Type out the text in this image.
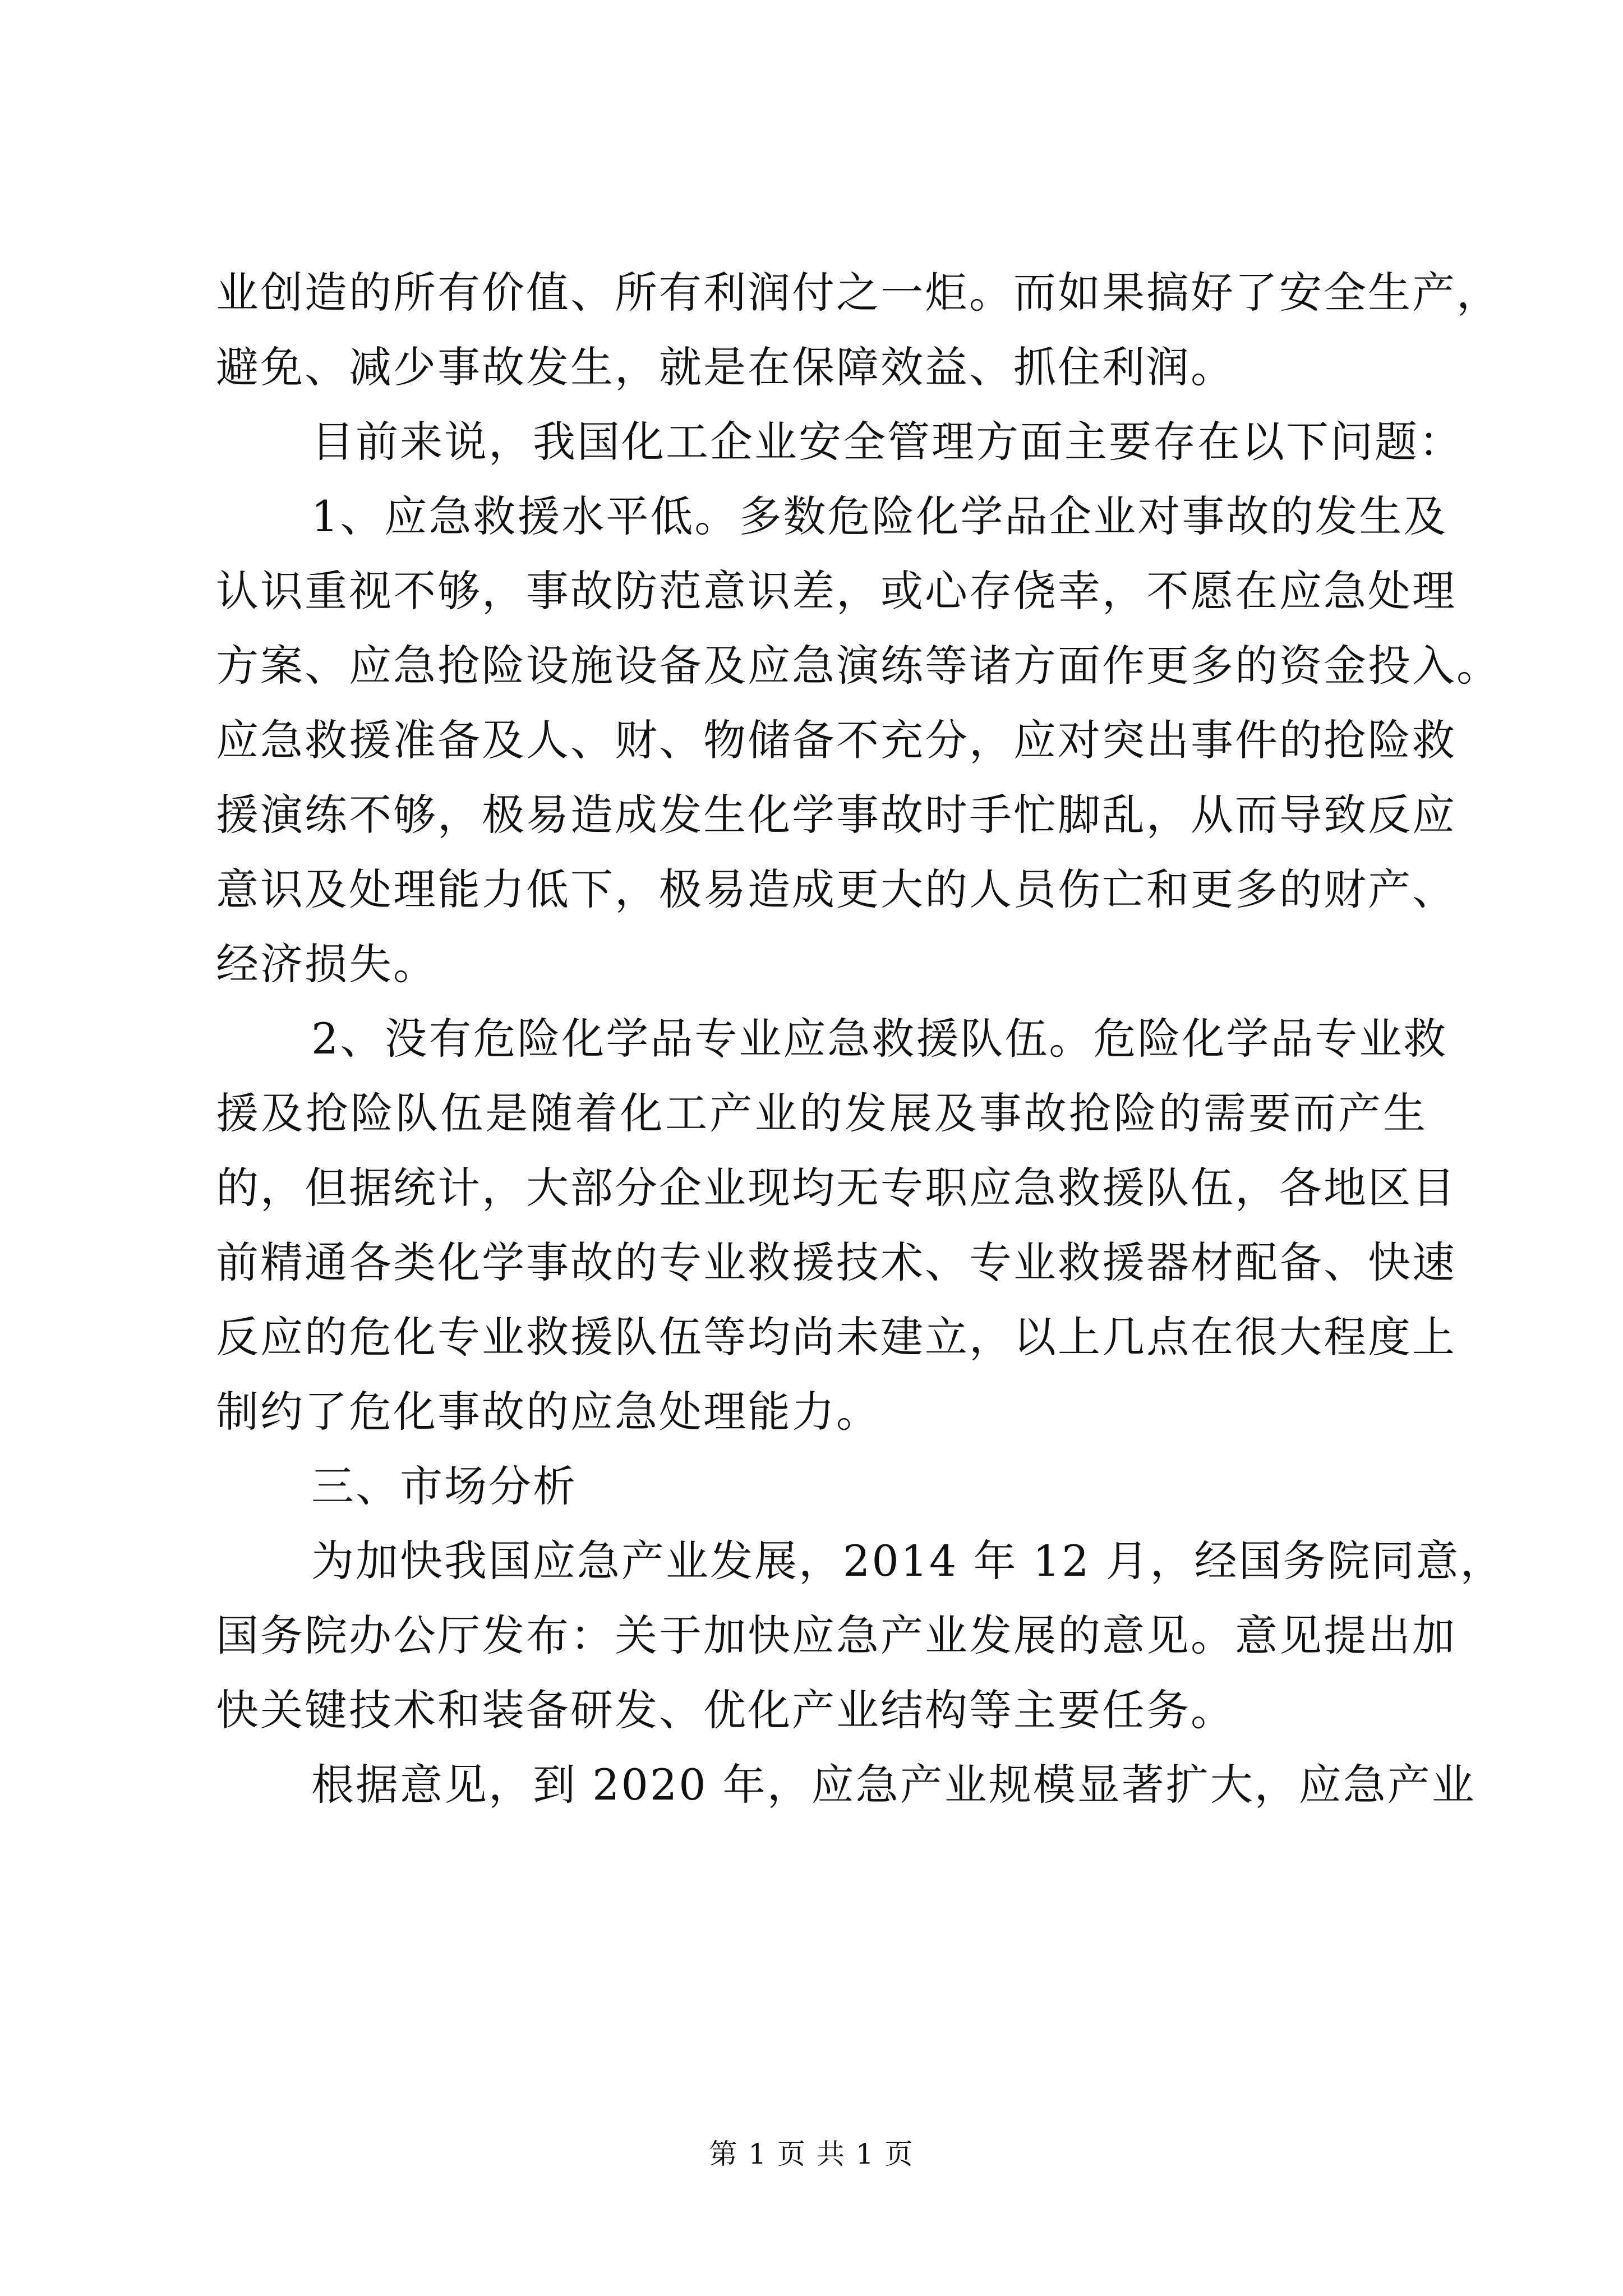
业创造的所有价值、所有利润付之一炬。而如果搞好了安全生产，
避免、减少事故发生，就是在保障效益、抓住利润。
目前来说，我国化工企业安全管理方面主要存在以下问题：
1、应急救援水平低。多数危险化学品企业对事故的发生及
认识重视不够，事故防范意识差，或心存侥幸，不愿在应急处理
方案、应急抢险设施设备及应急演练等诸方面作更多的资金投入。
应急救援准备及人、财、物储备不充分，应对突出事件的抢险救
援演练不够，极易造成发生化学事故时手忙脚乱，从而导致反应
意识及处理能力低下，极易造成更大的人员伤亡和更多的财产、
经济损失。
2、没有危险化学品专业应急救援队伍。危险化学品专业救
援及抢险队伍是随着化工产业的发展及事故抢险的需要而产生
的，但据统计，大部分企业现均无专职应急救援队伍，各地区目
前精通各类化学事故的专业救援技术、专业救援器材配备、快速
反应的危化专业救援队伍等均尚未建立，以上几点在很大程度上
制约了危化事故的应急处理能力。
三、市场分析
为加快我国应急产业发展，2014 年 12 月，经国务院同意，
国务院办公厅发布：关于加快应急产业发展的意见。意见提出加
快关键技术和装备研发、优化产业结构等主要任务。
根据意见，到 2020 年，应急产业规模显著扩大，应急产业
第 1 页 共 1 页
